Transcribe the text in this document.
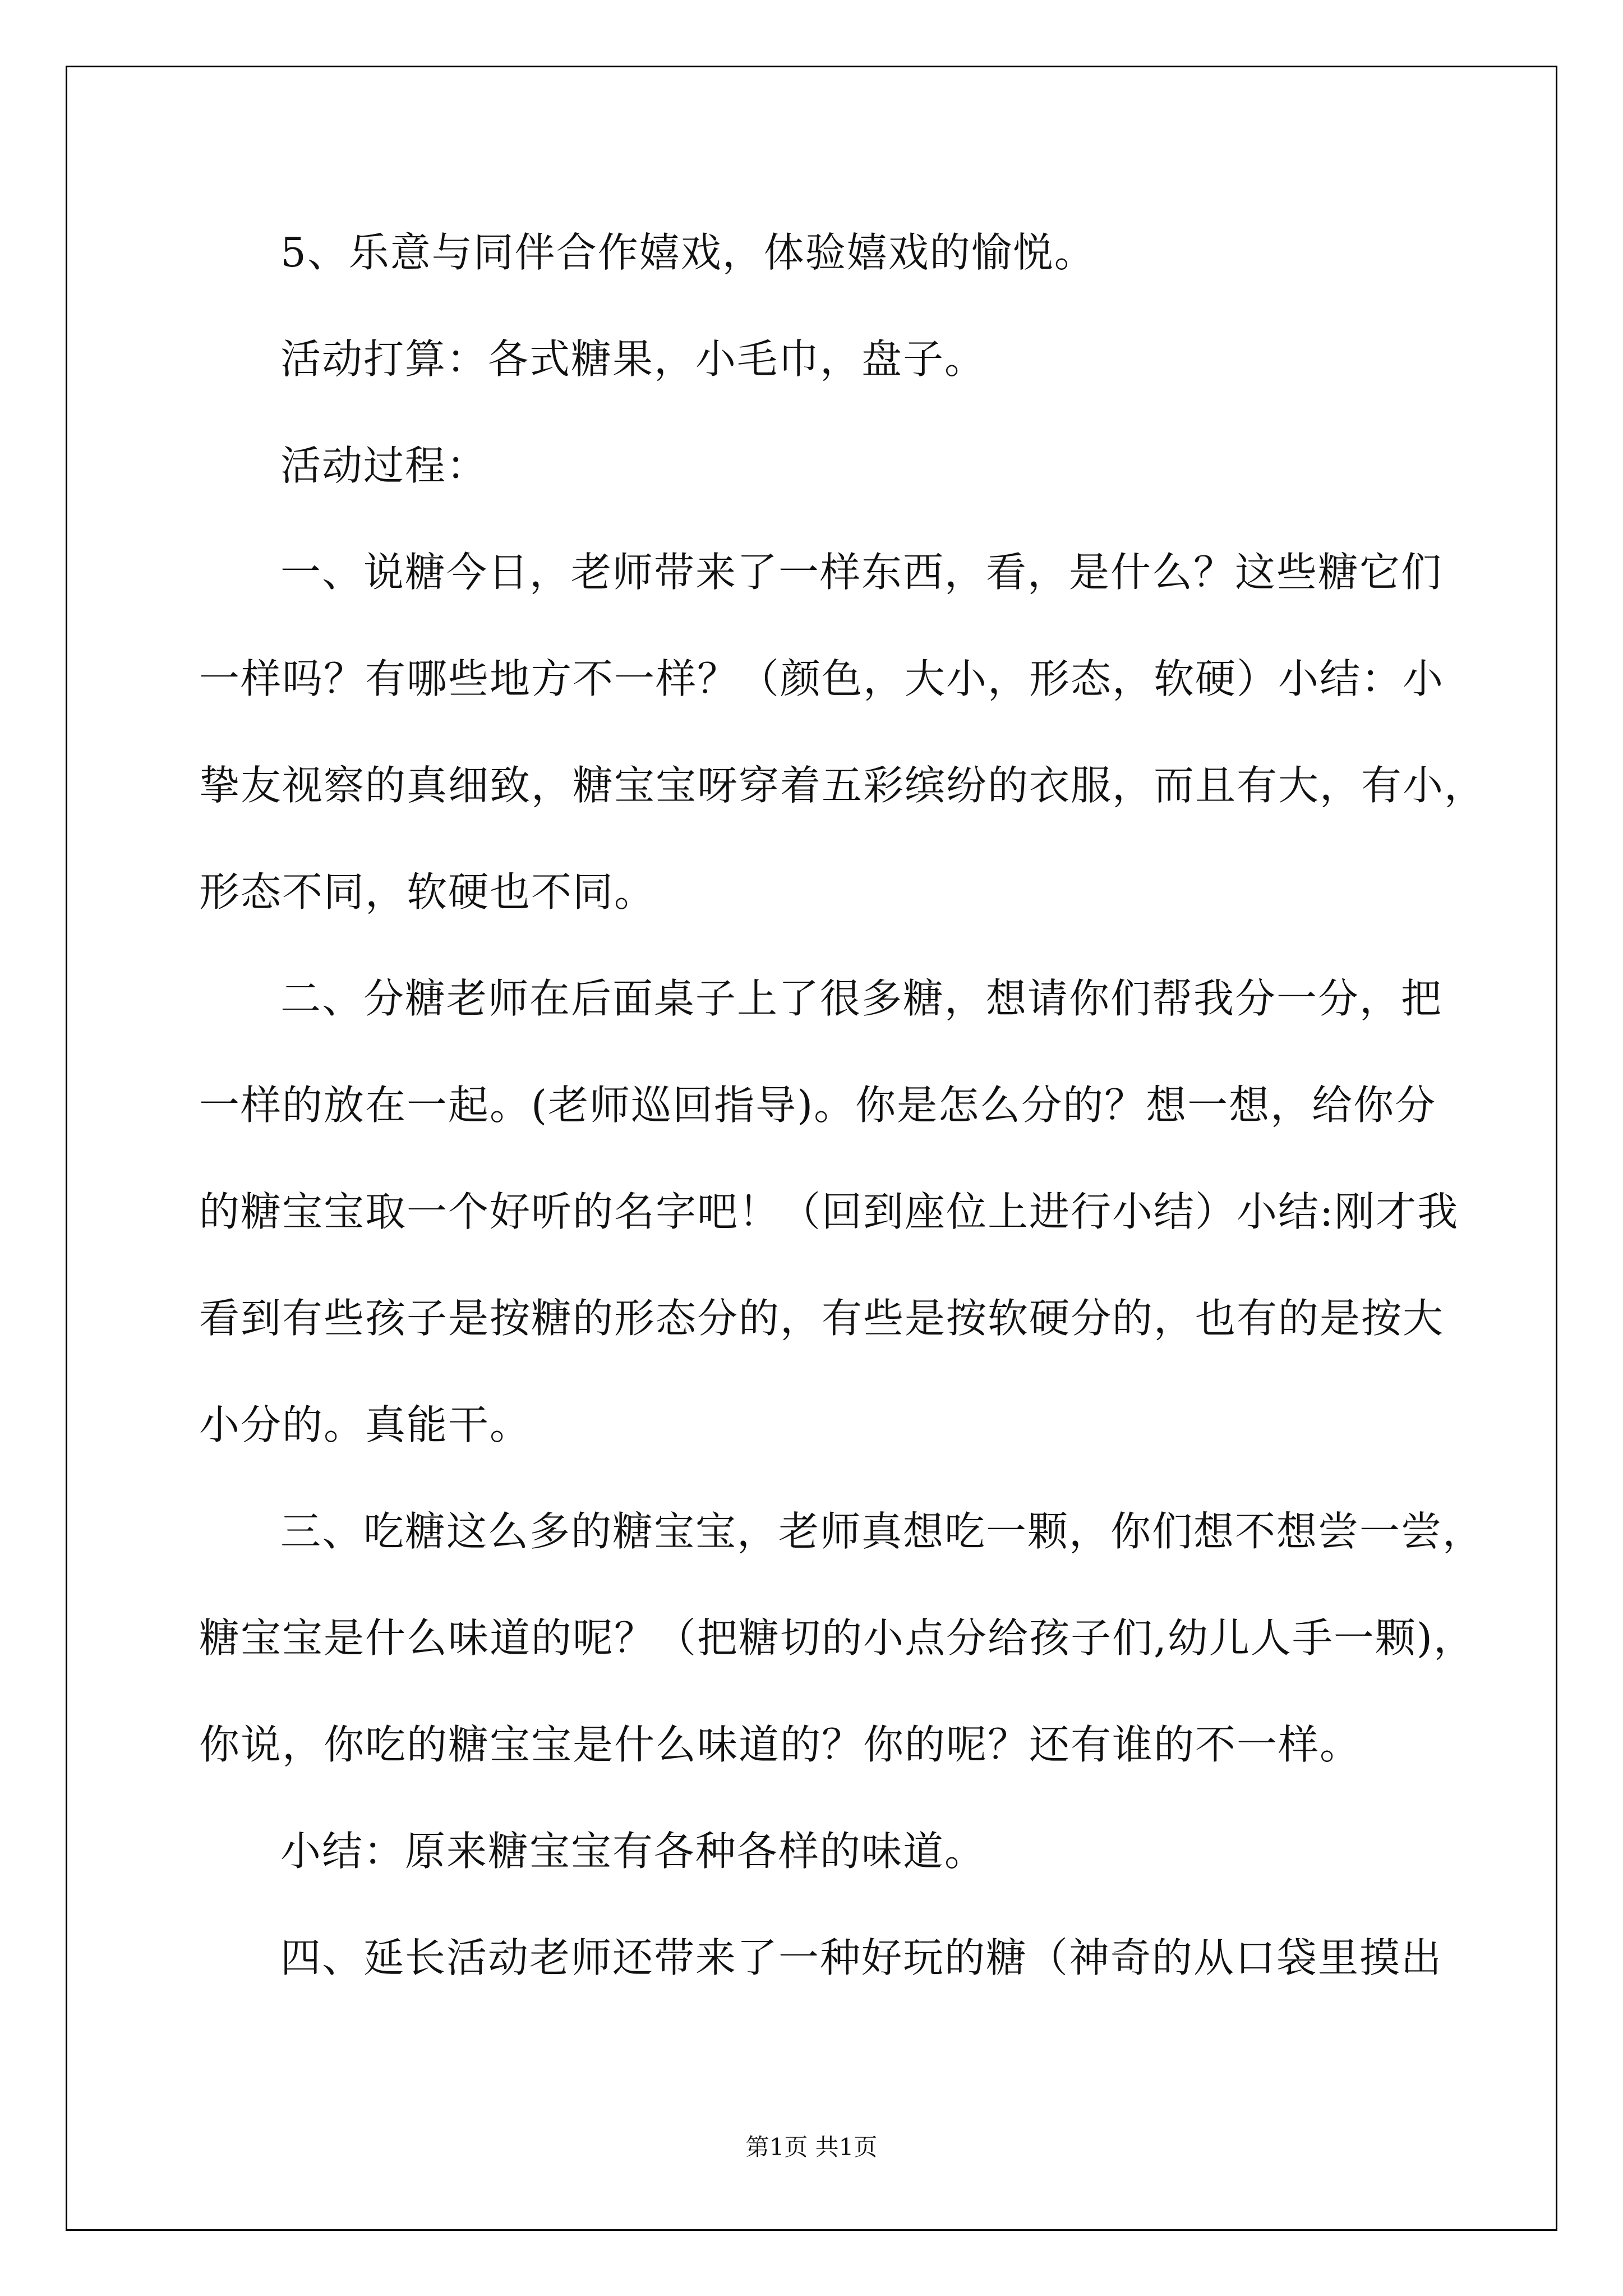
5、乐意与同伴合作嬉戏，体验嬉戏的愉悦。
活动打算：各式糖果，小毛巾，盘子。
活动过程：
一、说糖今日，老师带来了一样东西，看，是什么？这些糖它们
一样吗？有哪些地方不一样？（颜色，大小，形态，软硬）小结：小
挚友视察的真细致，糖宝宝呀穿着五彩缤纷的衣服，而且有大，有小，
形态不同，软硬也不同。
二、分糖老师在后面桌子上了很多糖，想请你们帮我分一分，把
一样的放在一起。(老师巡回指导)。你是怎么分的？想一想，给你分
的糖宝宝取一个好听的名字吧！（回到座位上进行小结）小结:刚才我
看到有些孩子是按糖的形态分的，有些是按软硬分的，也有的是按大
小分的。真能干。
三、吃糖这么多的糖宝宝，老师真想吃一颗，你们想不想尝一尝，
糖宝宝是什么味道的呢？（把糖切的小点分给孩子们,幼儿人手一颗)，
你说，你吃的糖宝宝是什么味道的？你的呢？还有谁的不一样。
小结：原来糖宝宝有各种各样的味道。
四、延长活动老师还带来了一种好玩的糖（神奇的从口袋里摸出
第1页 共1页
